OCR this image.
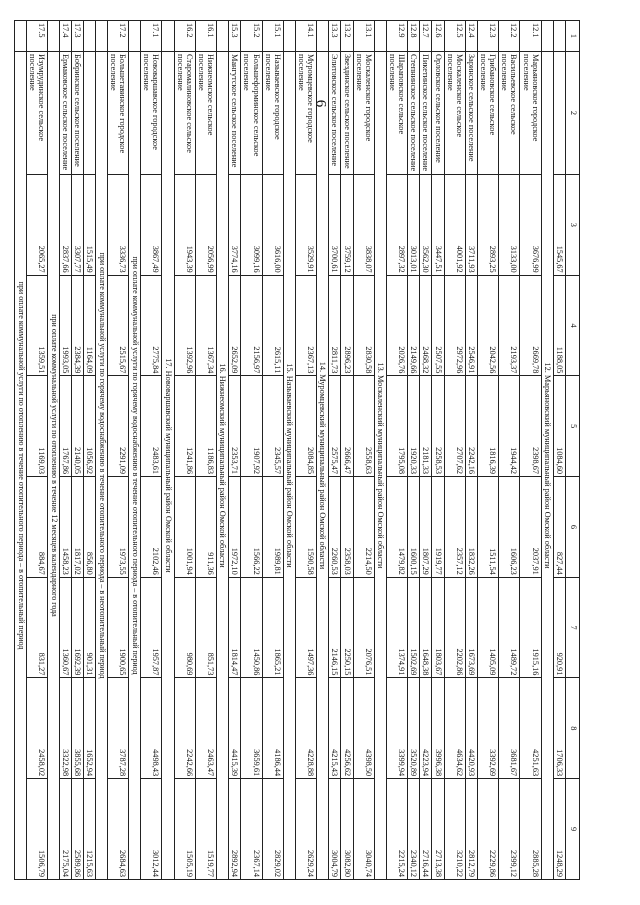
6
1	2	3	4	5	6	7	8	9
		1545,67	1188,05	1084,60	827,44	920,91	1706,33	1248,29
	12. Марьяновский муниципальный район Омской области							
12.1	Марьяновское городское поселение	3676,99	2669,78	2398,67	2037,91	1915,16	4251,63	2885,28
12.2	Васильевское сельское поселение	3133,00	2193,37	1944,42	1606,23	1489,72	3681,67	2399,12
12.3	Грибановское сельское поселение	2893,25	2042,56	1816,39	1511,54	1405,09	3392,69	2229,86
12.4	Заринское сельское поселение	3711,93	2546,91	2242,16	1832,26	1673,69	4420,93	2812,79
12.5	Москаленское сельское поселение	4001,92	2972,96	2707,62	2357,12	2202,86	4634,62	3210,22
12.6	Орловское сельское поселение	3447,51	2507,55	2258,53	1919,77	1803,67	3996,38	2713,38
12.7	Пикетинское сельское поселение	3562,30	2468,32	2181,33	1807,29	1648,38	4223,94	2716,44
12.8	Степнинское сельское поселение	3013,01	2149,66	1920,33	1600,15	1502,69	3520,89	2340,12
12.9	Шараповское сельское поселение	2897,32	2026,76	1795,08	1479,82	1374,91	3399,94	2215,24
	13. Москаленский муниципальный район Омской области							
13.1	Москаленское городское поселение	3838,07	2830,58	2558,63	2214,50	2076,51	4398,50	3040,74
13.2	Звездинское сельское поселение	3759,12	2896,23	2666,47	2358,03	2250,15	4256,62	3082,80
13.3	Элитовское сельское поселение	3700,61	2811,73	2575,47	2260,53	2146,15	4215,43	3004,79
	14. Муромцевский муниципальный район Омской области							
14.1	Муромцевское городское поселение	3529,91	2367,13	2084,85	1590,58	1497,36	4228,88	2629,24
	15. Называевский муниципальный район Омской области							
15.1	Называевское городское поселение	3616,00	2615,11	2345,57	1989,81	1865,21	4186,44	2829,02
15.2	Большеформинское сельское поселение	3099,16	2156,97	1907,92	1566,22	1450,86	3659,61	2367,14
15.3	Мангутское сельское поселение	3774,16	2652,09	2353,71	1972,10	1814,47	4415,39	2892,94
	16. Нижнеомский муниципальный район Омской области							
16.1	Нижнеомское сельское поселение	2056,99	1367,34	1186,83	911,36	851,73	2463,47	1519,77
16.2	Старомалиновское сельское поселение	1943,39	1392,96	1241,86	1001,94	980,69	2242,66	1505,19
	17. Нововаршавский муниципальный район Омской области							
17.1	Нововаршавское городское поселение	3867,49	2775,84	2483,61	2102,46	1957,87	4498,43	3012,44
	при оплате коммунальной услуги по горячему водоснабжению в течение отопительного периода – в отопительный период							
17.2	Большетавинское городское поселение	3336,73	2515,67	2291,09	1973,55	1900,65	3787,28	2684,63
	при оплате коммунальной услуги по горячему водоснабжению в течение отопительного периода – в неотопительный период							
		1515,49	1164,09	1056,92	856,80	901,31	1652,94	1215,63
17.3	Бобринское сельское поселение	3307,77	2384,39	2140,05	1817,02	1692,39	3855,68	2589,86
17.4	Ермаковское сельское поселение	2837,66	1993,05	1767,86	1458,23	1360,67	3322,98	2175,04
	при оплате коммунальной услуги по отоплению в течение 12 месяцев календарного года							
17.5	Изумрудинское сельское поселение	2065,27	1359,51	1169,03	884,67	831,27	2458,02	1506,79
	при оплате коммунальной услуги по отоплению в течение отопительного периода – в отопительный период							
